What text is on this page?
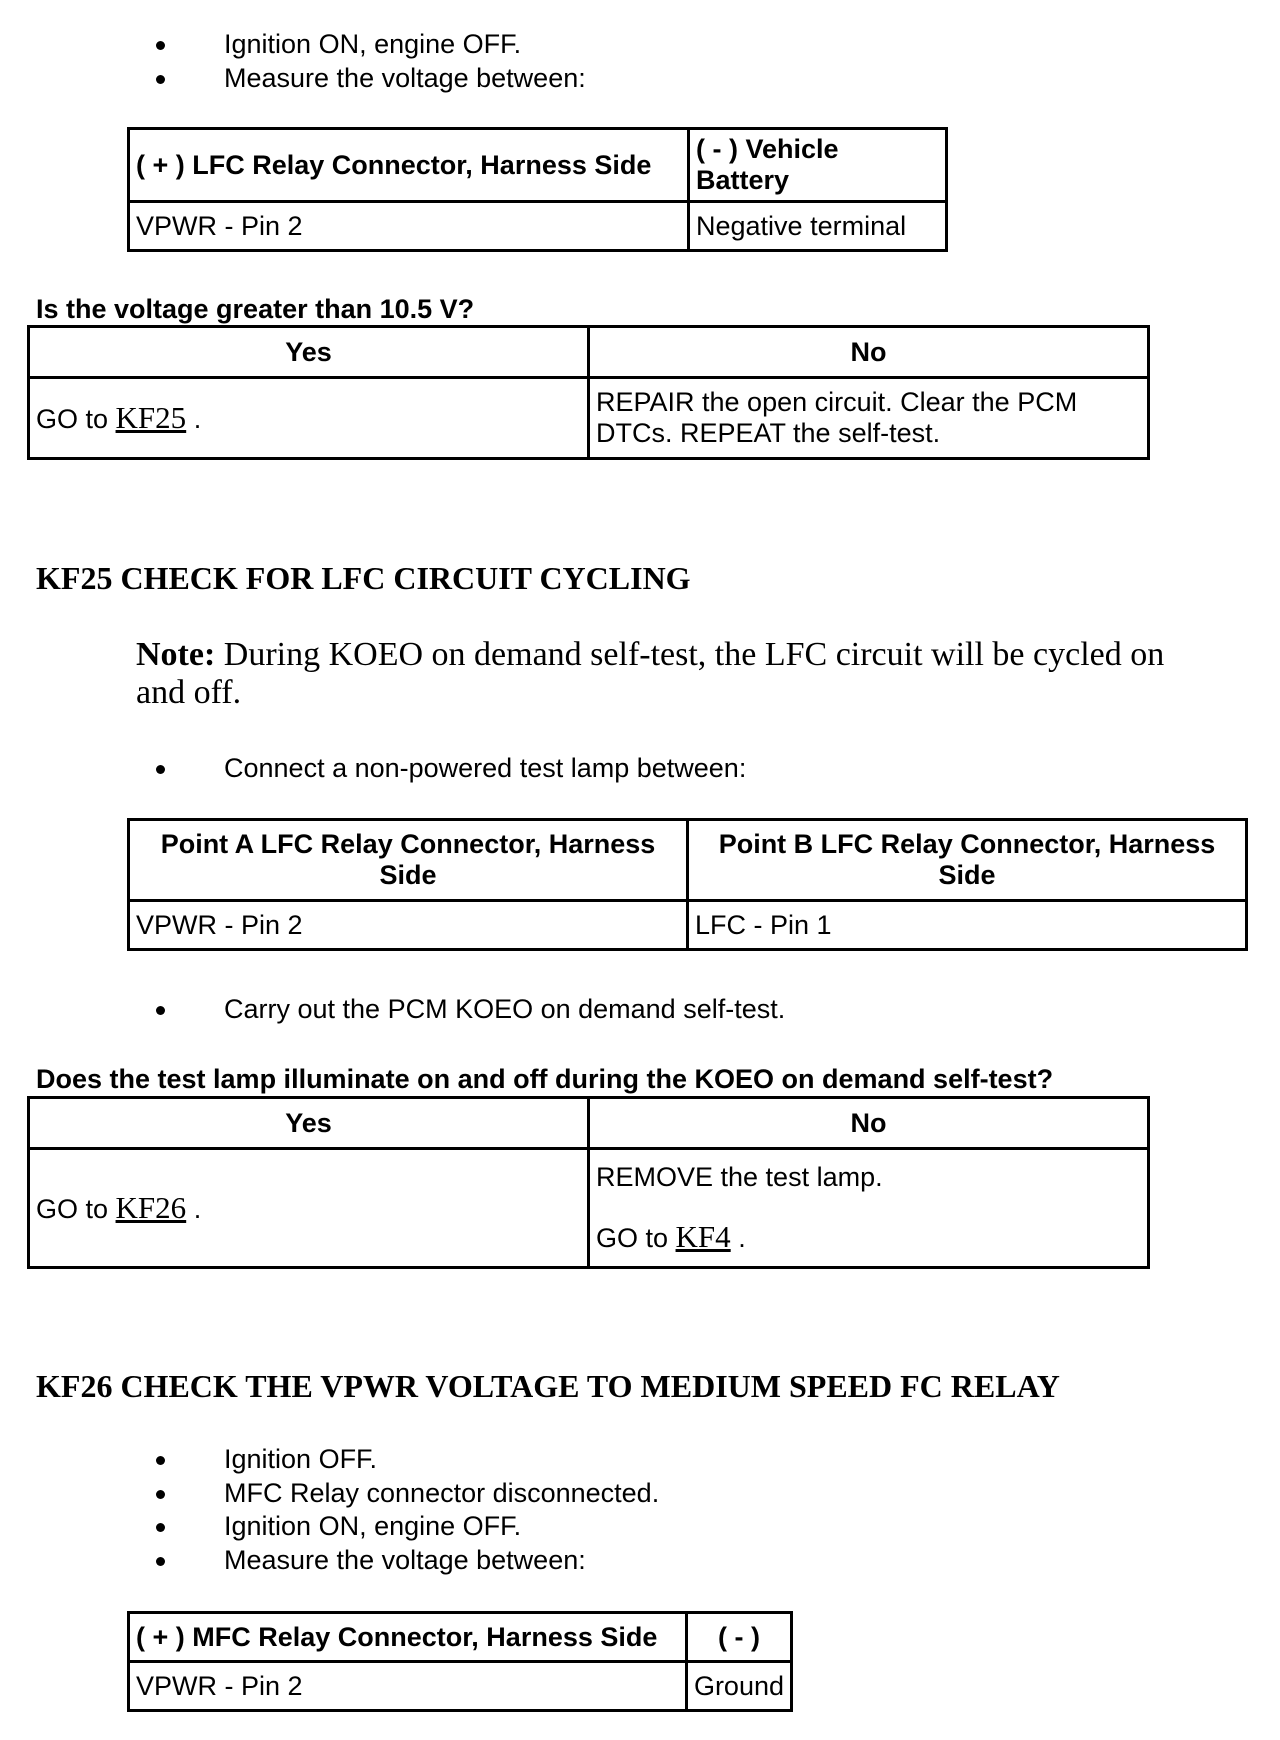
Ignition ON, engine OFF.
Measure the voltage between:
( + ) LFC Relay Connector, Harness Side	( - ) Vehicle Battery
VPWR - Pin 2	Negative terminal
Is the voltage greater than 10.5 V?
Yes	No
GO to KF25 .	REPAIR the open circuit. Clear the PCM DTCs. REPEAT the self-test.
KF25 CHECK FOR LFC CIRCUIT CYCLING
Note: During KOEO on demand self-test, the LFC circuit will be cycled on and off.
Connect a non-powered test lamp between:
Point A LFC Relay Connector, Harness Side	Point B LFC Relay Connector, Harness Side
VPWR - Pin 2	LFC - Pin 1
Carry out the PCM KOEO on demand self-test.
Does the test lamp illuminate on and off during the KOEO on demand self-test?
Yes	No
GO to KF26 .	REMOVE the test lamp.
GO to KF4 .
KF26 CHECK THE VPWR VOLTAGE TO MEDIUM SPEED FC RELAY
Ignition OFF.
MFC Relay connector disconnected.
Ignition ON, engine OFF.
Measure the voltage between:
( + ) MFC Relay Connector, Harness Side	( - )
VPWR - Pin 2	Ground
